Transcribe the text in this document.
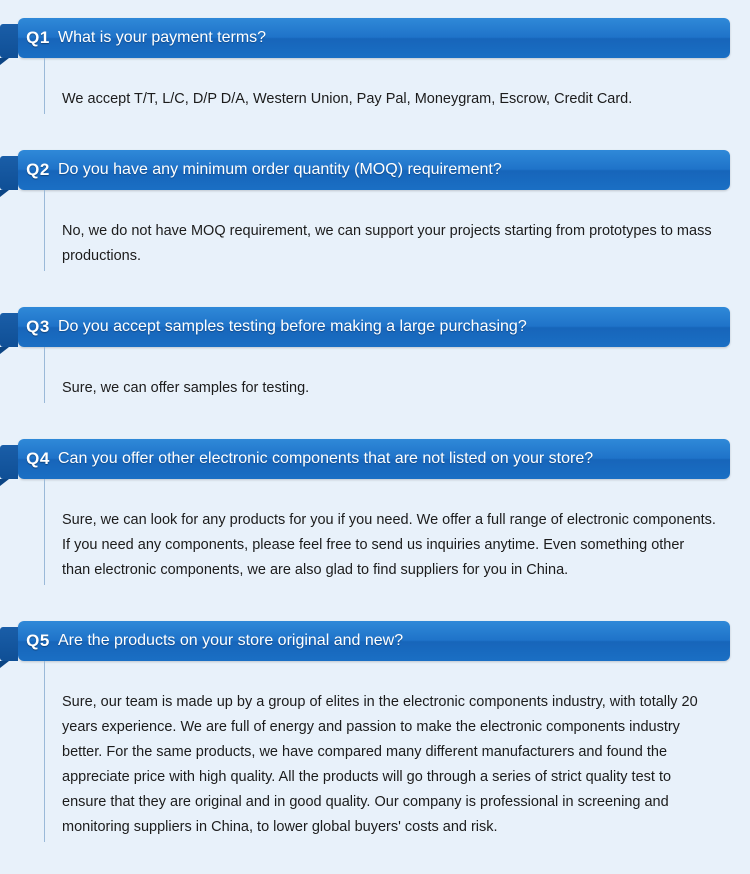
Q1 What is your payment terms?

We accept T/T, L/C, D/P D/A, Western Union, Pay Pal, Moneygram, Escrow, Credit Card.

Q2 Do you have any minimum order quantity (MOQ) requirement?

No, we do not have MOQ requirement, we can support your projects starting from prototypes to mass productions.

Q3 Do you accept samples testing before making a large purchasing?

Sure, we can offer samples for testing.

Q4 Can you offer other electronic components that are not listed on your store?

Sure, we can look for any products for you if you need. We offer a full range of electronic components. If you need any components, please feel free to send us inquiries anytime. Even something other than electronic components, we are also glad to find suppliers for you in China.

Q5 Are the products on your store original and new?

Sure, our team is made up by a group of elites in the electronic components industry, with totally 20 years experience. We are full of energy and passion to make the electronic components industry better. For the same products, we have compared many different manufacturers and found the appreciate price with high quality. All the products will go through a series of strict quality test to ensure that they are original and in good quality. Our company is professional in screening and monitoring suppliers in China, to lower global buyers' costs and risk.
